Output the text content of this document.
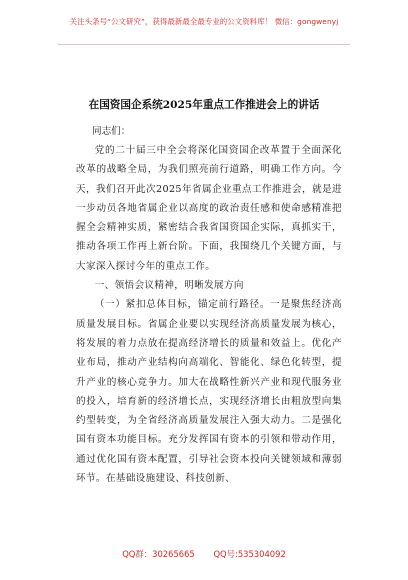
关注头条号“公文研究”，获得最新最全最专业的公文资料库！ 微信：gongwenyj
在国资国企系统2025年重点工作推进会上的讲话
同志们：

党的二十届三中全会将深化国资国企改革置于全面深化改革的战略全局，为我们照亮前行道路，明确工作方向。今天，我们召开此次2025年省属企业重点工作推进会，就是进一步动员各地省属企业以高度的政治责任感和使命感精准把握全会精神实质，紧密结合我省国资国企实际，真抓实干，推动各项工作再上新台阶。下面，我围绕几个关键方面，与大家深入探讨今年的重点工作。

一、领悟会议精神，明晰发展方向

（一）紧扣总体目标，锚定前行路径。一是聚焦经济高质量发展目标。省属企业要以实现经济高质量发展为核心，将发展的着力点放在提高经济增长的质量和效益上。优化产业布局，推动产业结构向高端化、智能化、绿色化转型，提升产业的核心竞争力。加大在战略性新兴产业和现代服务业的投入，培育新的经济增长点，实现经济增长由粗放型向集约型转变，为全省经济高质量发展注入强大动力。二是强化国有资本功能目标。充分发挥国有资本的引领和带动作用，通过优化国有资本配置，引导社会资本投向关键领域和薄弱环节。在基础设施建设、科技创新、

QQ群：30265665 QQ号:535304092
